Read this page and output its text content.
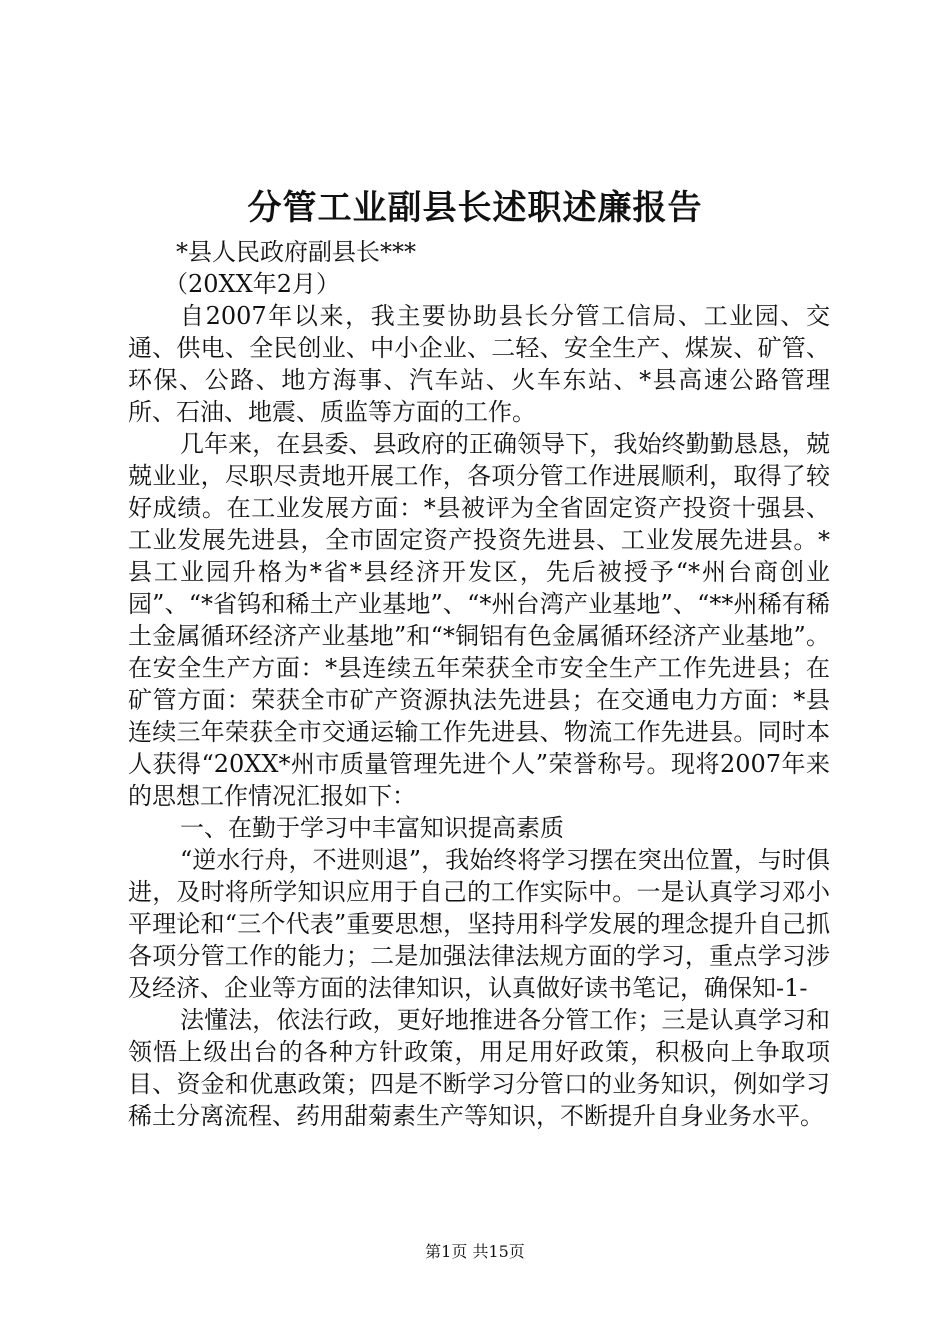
分管工业副县长述职述廉报告

*县人民政府副县长***

（20XX年2月）

自2007年以来，我主要协助县长分管工信局、工业园、交通、供电、全民创业、中小企业、二轻、安全生产、煤炭、矿管、环保、公路、地方海事、汽车站、火车东站、*县高速公路管理所、石油、地震、质监等方面的工作。

几年来，在县委、县政府的正确领导下，我始终勤勤恳恳，兢兢业业，尽职尽责地开展工作，各项分管工作进展顺利，取得了较好成绩。在工业发展方面：*县被评为全省固定资产投资十强县、工业发展先进县，全市固定资产投资先进县、工业发展先进县。*县工业园升格为*省*县经济开发区，先后被授予“*州台商创业园”、“*省钨和稀土产业基地”、“*州台湾产业基地”、“**州稀有稀土金属循环经济产业基地”和“*铜铝有色金属循环经济产业基地”。在安全生产方面：*县连续五年荣获全市安全生产工作先进县；在矿管方面：荣获全市矿产资源执法先进县；在交通电力方面：*县连续三年荣获全市交通运输工作先进县、物流工作先进县。同时本人获得“20XX*州市质量管理先进个人”荣誉称号。现将2007年来的思想工作情况汇报如下：

一、在勤于学习中丰富知识提高素质

“逆水行舟，不进则退”，我始终将学习摆在突出位置，与时俱进，及时将所学知识应用于自己的工作实际中。一是认真学习邓小平理论和“三个代表”重要思想，坚持用科学发展的理念提升自己抓各项分管工作的能力；二是加强法律法规方面的学习，重点学习涉及经济、企业等方面的法律知识，认真做好读书笔记，确保知-1-

法懂法，依法行政，更好地推进各分管工作；三是认真学习和领悟上级出台的各种方针政策，用足用好政策，积极向上争取项目、资金和优惠政策；四是不断学习分管口的业务知识，例如学习稀土分离流程、药用甜菊素生产等知识，不断提升自身业务水平。

第1页 共15页
